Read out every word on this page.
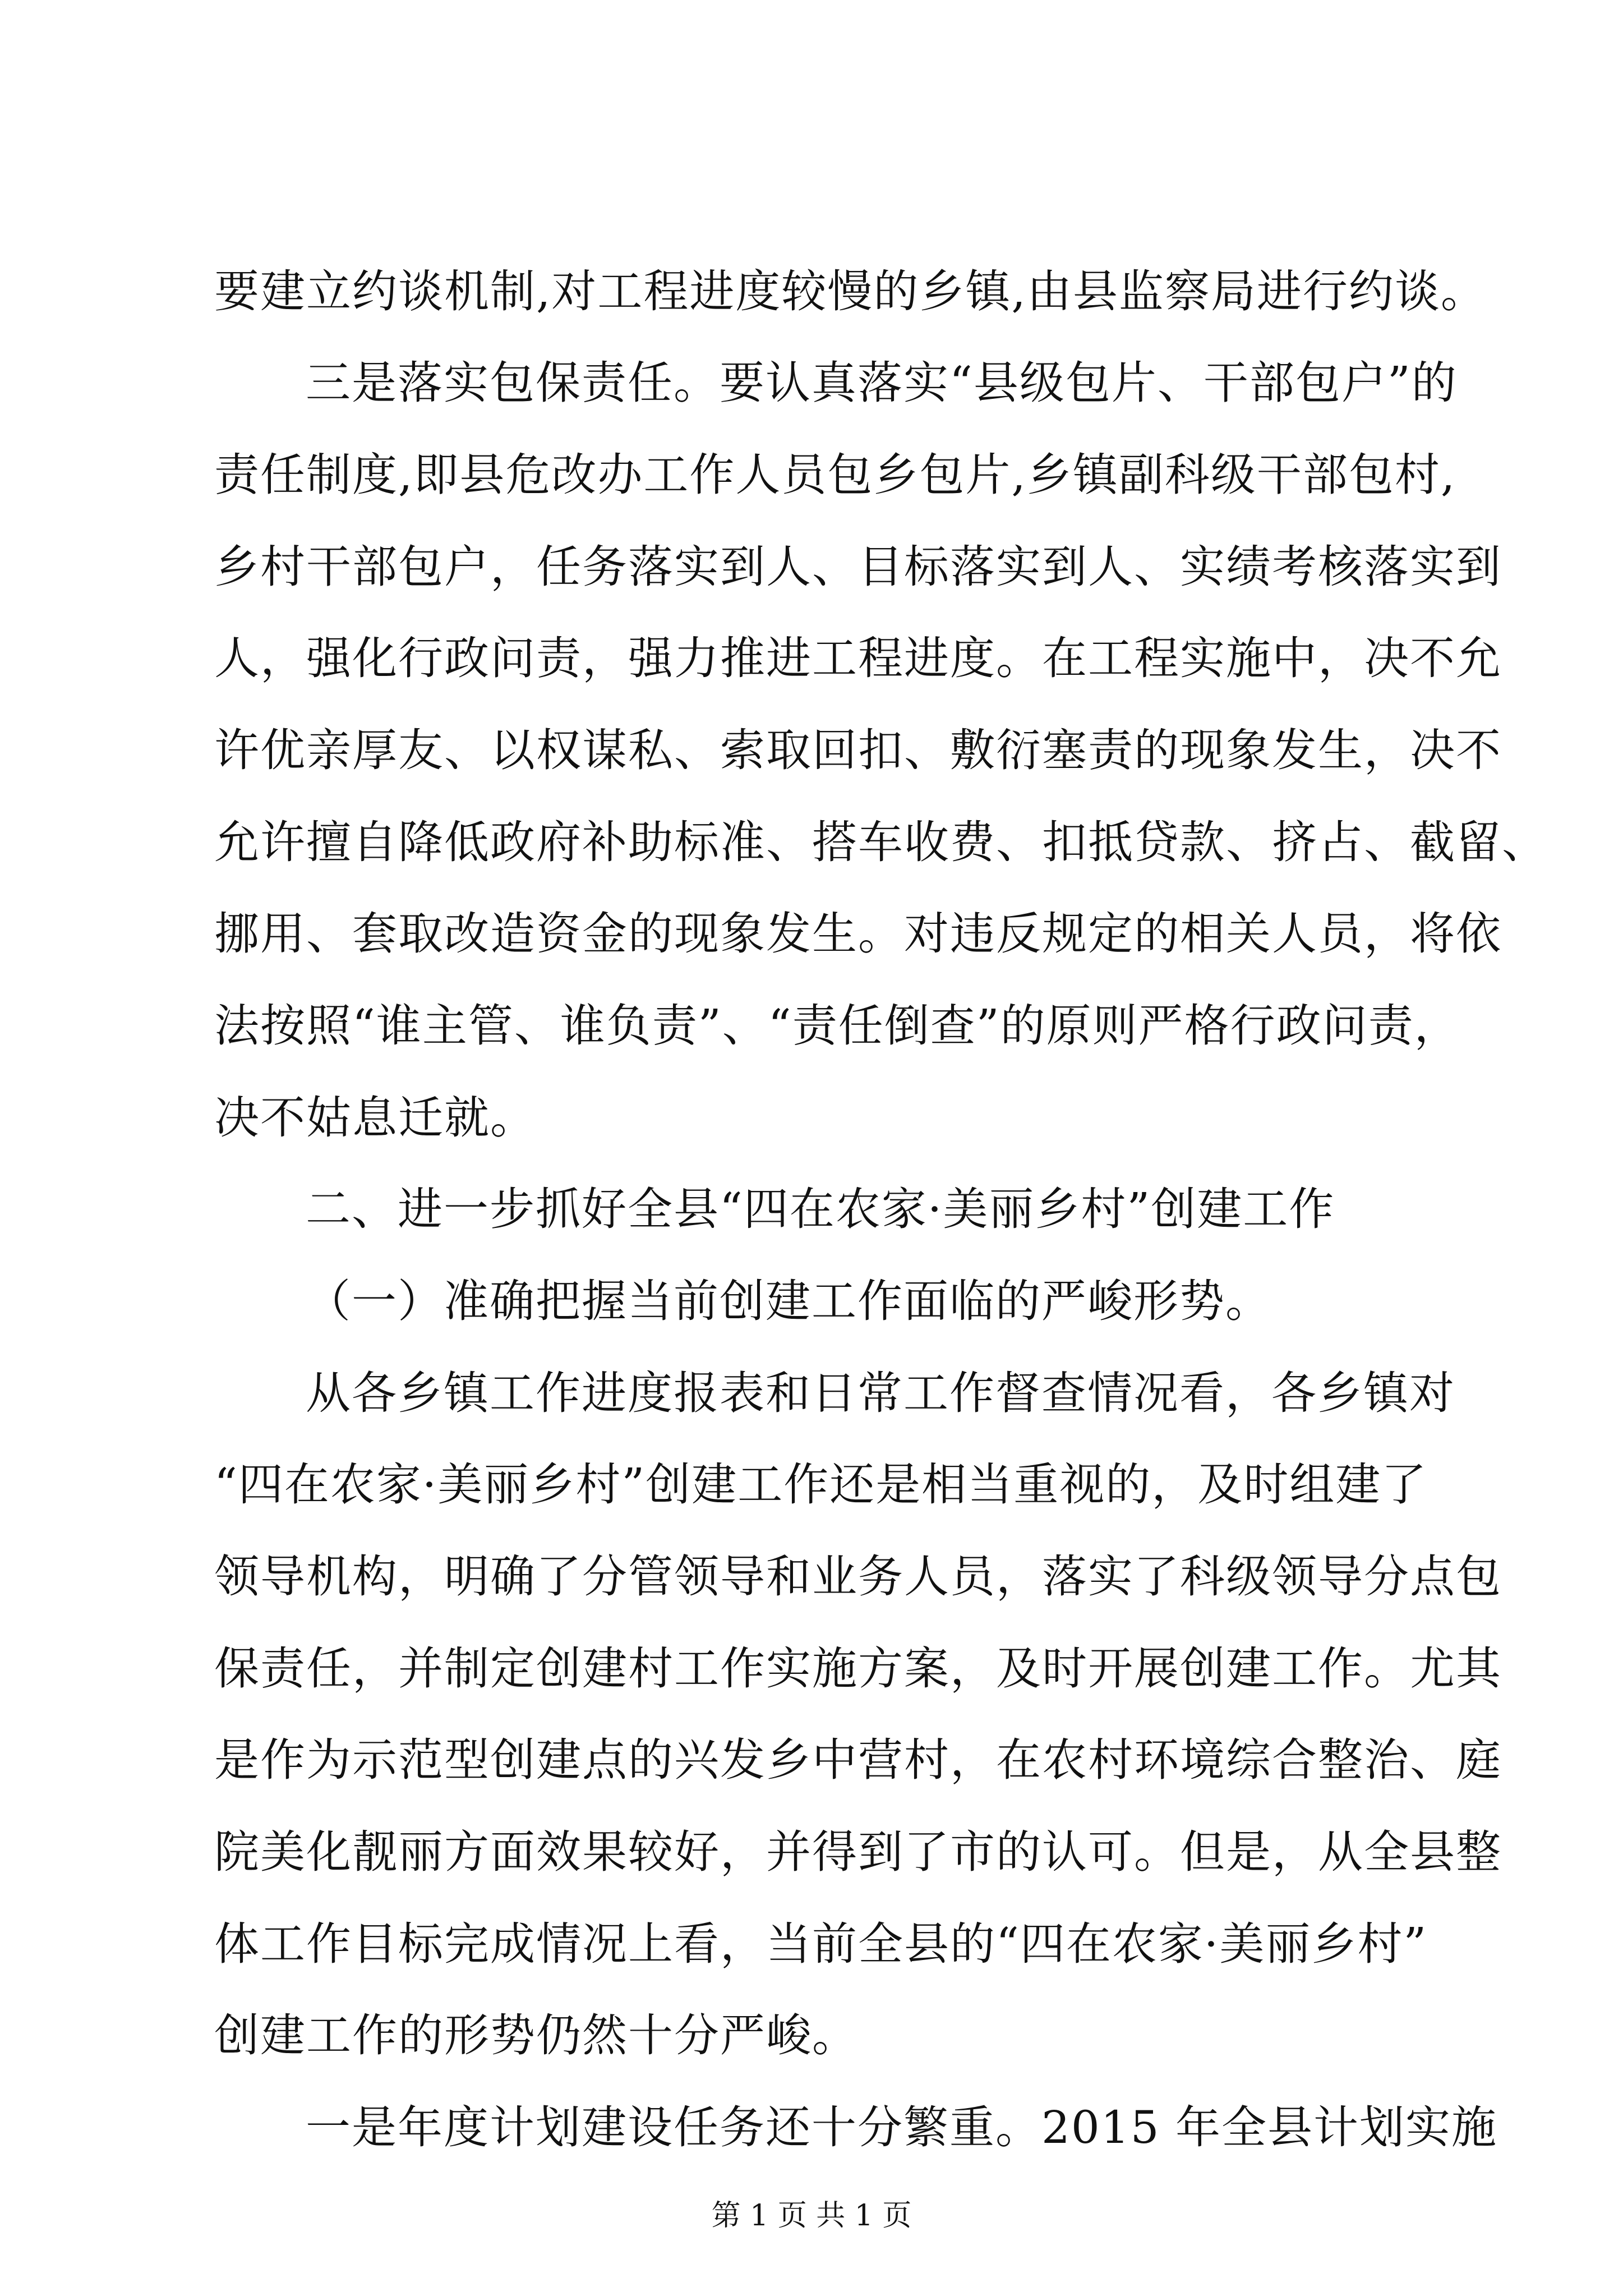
要建立约谈机制,对工程进度较慢的乡镇,由县监察局进行约谈。
三是落实包保责任。要认真落实“县级包片、干部包户”的
责任制度,即县危改办工作人员包乡包片,乡镇副科级干部包村,
乡村干部包户，任务落实到人、目标落实到人、实绩考核落实到
人，强化行政问责，强力推进工程进度。在工程实施中，决不允
许优亲厚友、以权谋私、索取回扣、敷衍塞责的现象发生，决不
允许擅自降低政府补助标准、搭车收费、扣抵贷款、挤占、截留、
挪用、套取改造资金的现象发生。对违反规定的相关人员，将依
法按照“谁主管、谁负责”、“责任倒查”的原则严格行政问责，
决不姑息迁就。
二、进一步抓好全县“四在农家·美丽乡村”创建工作
（一）准确把握当前创建工作面临的严峻形势。
从各乡镇工作进度报表和日常工作督查情况看，各乡镇对
“四在农家·美丽乡村”创建工作还是相当重视的，及时组建了
领导机构，明确了分管领导和业务人员，落实了科级领导分点包
保责任，并制定创建村工作实施方案，及时开展创建工作。尤其
是作为示范型创建点的兴发乡中营村，在农村环境综合整治、庭
院美化靓丽方面效果较好，并得到了市的认可。但是，从全县整
体工作目标完成情况上看，当前全县的“四在农家·美丽乡村”
创建工作的形势仍然十分严峻。
一是年度计划建设任务还十分繁重。2015 年全县计划实施
第 1 页 共 1 页
